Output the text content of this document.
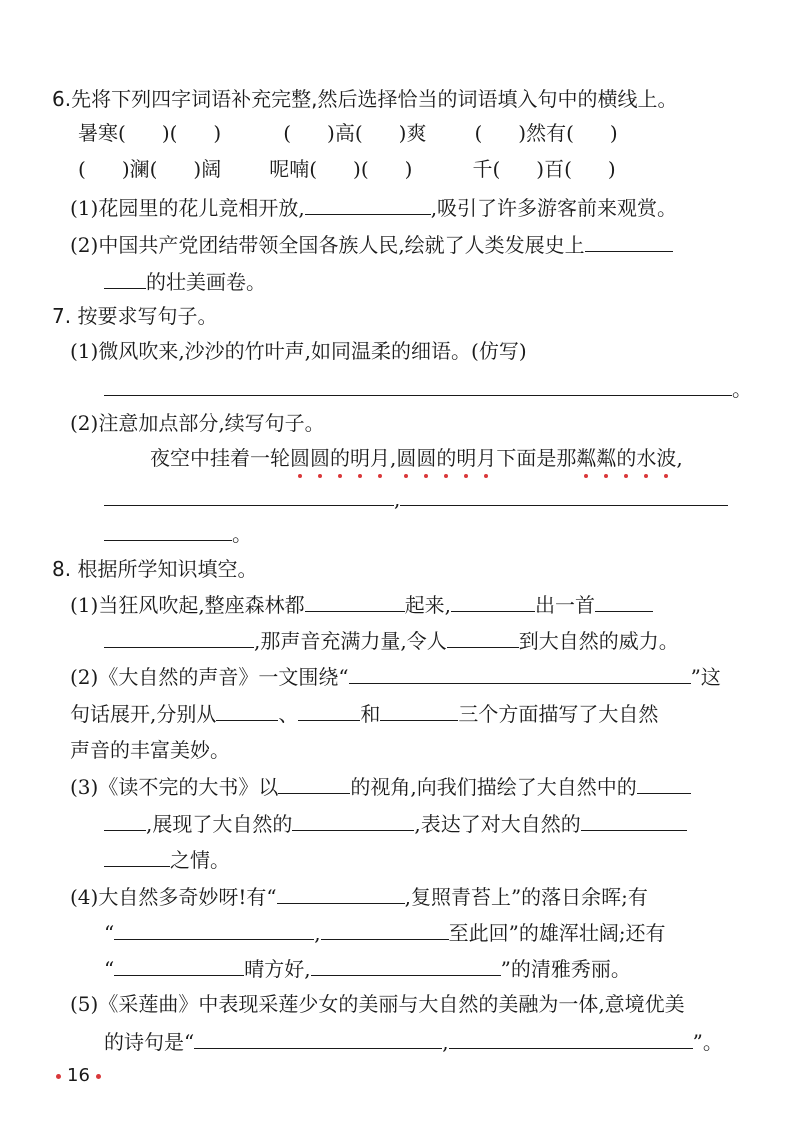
6.先将下列四字词语补充完整,然后选择恰当的词语填入句中的横线上。
暑寒( )( )	( )高( )爽 ( )然有( )
( )澜( )阔 呢喃( )( )	千( )百( )
(1)花园里的花儿竞相开放,	,吸引了许多游客前来观赏。
(2)中国共产党团结带领全国各族人民,绘就了人类发展史上
的壮美画卷。
7. 按要求写句子。
(1)微风吹来,沙沙的竹叶声,如同温柔的细语。(仿写)
。
(2)注意加点部分,续写句子。
夜空中挂着一轮圆圆的明月,圆圆的明月下面是那粼粼的水波,
,
。
8. 根据所学知识填空。
(1)当狂风吹起,整座森林都	起来,	出一首
,那声音充满力量,令人	到大自然的威力。
(2)《大自然的声音》一文围绕“	”这
句话展开,分别从	、	和	三个方面描写了大自然
声音的丰富美妙。
(3)《读不完的大书》以	的视角,向我们描绘了大自然中的
,展现了大自然的	,表达了对大自然的
之情。
(4)大自然多奇妙呀!有“	,复照青苔上”的落日余晖;有
“	,	至此回”的雄浑壮阔;还有
“	晴方好,	”的清雅秀丽。
(5)《采莲曲》中表现采莲少女的美丽与大自然的美融为一体,意境优美
的诗句是“	,	”。
16
